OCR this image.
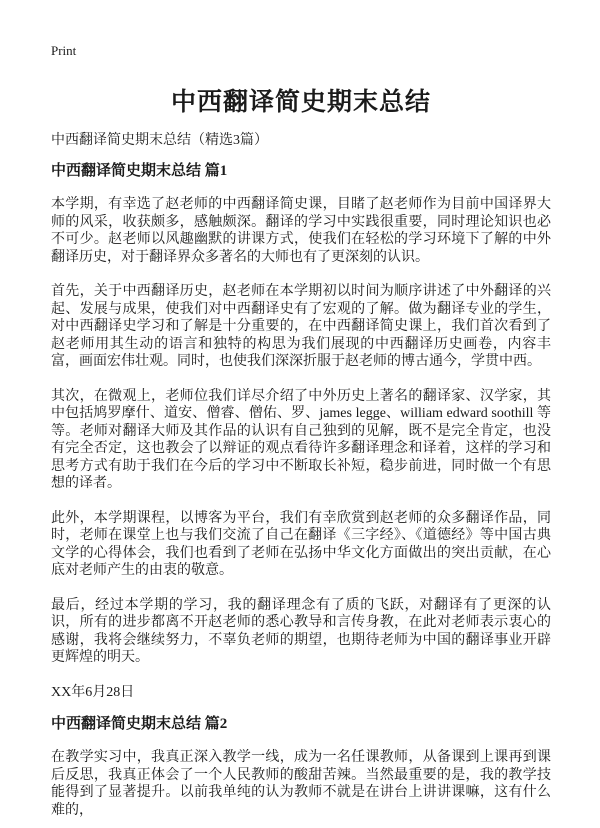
Print
中西翻译简史期末总结

中西翻译简史期末总结（精选3篇）

中西翻译简史期末总结 篇1

本学期，有幸选了赵老师的中西翻译简史课，目睹了赵老师作为目前中国译界大师的风采，收获颇多，感触颇深。翻译的学习中实践很重要，同时理论知识也必不可少。赵老师以风趣幽默的讲课方式，使我们在轻松的学习环境下了解的中外翻译历史，对于翻译界众多著名的大师也有了更深刻的认识。

首先，关于中西翻译历史，赵老师在本学期初以时间为顺序讲述了中外翻译的兴起、发展与成果，使我们对中西翻译史有了宏观的了解。做为翻译专业的学生，对中西翻译史学习和了解是十分重要的，在中西翻译简史课上，我们首次看到了赵老师用其生动的语言和独特的构思为我们展现的中西翻译历史画卷，内容丰富，画面宏伟壮观。同时，也使我们深深折服于赵老师的博古通今，学贯中西。

其次，在微观上，老师位我们详尽介绍了中外历史上著名的翻译家、汉学家，其中包括鸠罗摩什、道安、僧睿、僧佑、罗、james legge、william edward soothill 等等。老师对翻译大师及其作品的认识有自己独到的见解，既不是完全肯定，也没有完全否定，这也教会了以辩证的观点看待许多翻译理念和译着，这样的学习和思考方式有助于我们在今后的学习中不断取长补短，稳步前进，同时做一个有思想的译者。

此外，本学期课程，以博客为平台，我们有幸欣赏到赵老师的众多翻译作品，同时，老师在课堂上也与我们交流了自己在翻译《三字经》、《道德经》等中国古典文学的心得体会，我们也看到了老师在弘扬中华文化方面做出的突出贡献，在心底对老师产生的由衷的敬意。

最后，经过本学期的学习，我的翻译理念有了质的飞跃，对翻译有了更深的认识，所有的进步都离不开赵老师的悉心教导和言传身教，在此对老师表示衷心的感谢，我将会继续努力，不辜负老师的期望，也期待老师为中国的翻译事业开辟更辉煌的明天。

XX年6月28日

中西翻译简史期末总结 篇2

在教学实习中，我真正深入教学一线，成为一名任课教师，从备课到上课再到课后反思，我真正体会了一个人民教师的酸甜苦辣。当然最重要的是，我的教学技能得到了显著提升。以前我单纯的认为教师不就是在讲台上讲讲课嘛，这有什么难的，
